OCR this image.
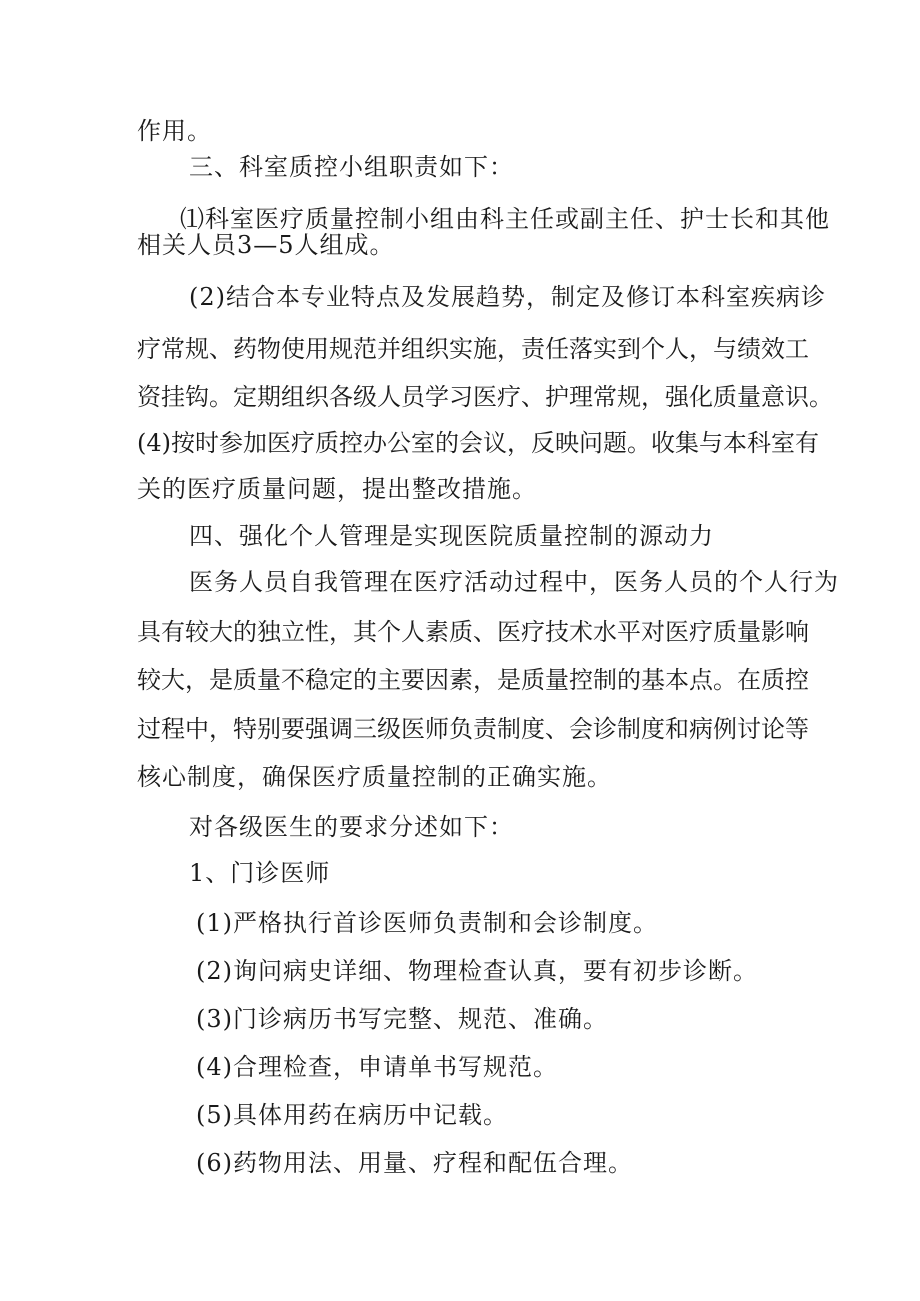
作用。
三、科室质控小组职责如下：
⑴科室医疗质量控制小组由科主任或副主任、护士长和其他
相关人员3—5人组成。
(2)结合本专业特点及发展趋势，制定及修订本科室疾病诊
疗常规、药物使用规范并组织实施，责任落实到个人，与绩效工
资挂钩。定期组织各级人员学习医疗、护理常规，强化质量意识。
(4)按时参加医疗质控办公室的会议，反映问题。收集与本科室有
关的医疗质量问题，提出整改措施。
四、强化个人管理是实现医院质量控制的源动力
医务人员自我管理在医疗活动过程中，医务人员的个人行为
具有较大的独立性，其个人素质、医疗技术水平对医疗质量影响
较大，是质量不稳定的主要因素，是质量控制的基本点。在质控
过程中，特别要强调三级医师负责制度、会诊制度和病例讨论等
核心制度，确保医疗质量控制的正确实施。
对各级医生的要求分述如下：
1、门诊医师
(1)严格执行首诊医师负责制和会诊制度。
(2)询问病史详细、物理检查认真，要有初步诊断。
(3)门诊病历书写完整、规范、准确。
(4)合理检查，申请单书写规范。
(5)具体用药在病历中记载。
(6)药物用法、用量、疗程和配伍合理。
